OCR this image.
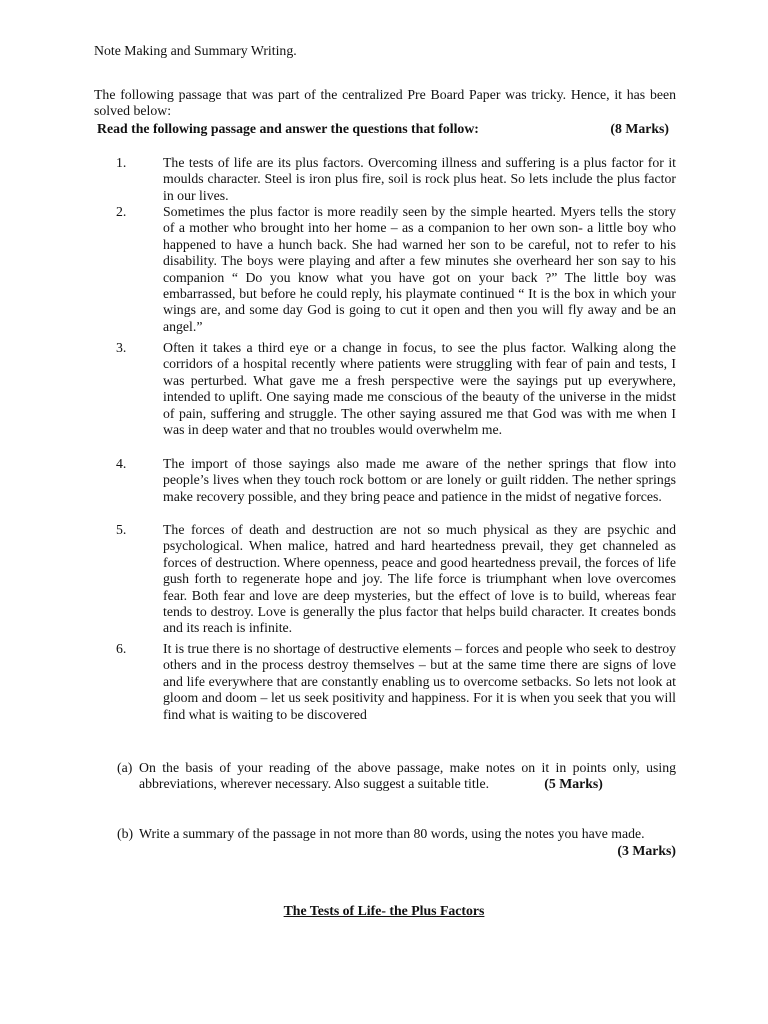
Note Making and Summary Writing.
The following passage that was part of the centralized Pre Board Paper was tricky. Hence, it has been solved below:
Read the following passage and answer the questions that follow:	(8 Marks)
1.	The tests of life are its plus factors. Overcoming illness and suffering is a plus factor for it moulds character. Steel is iron plus fire, soil is rock plus heat. So lets include the plus factor in our lives.
2.	Sometimes the plus factor is more readily seen by the simple hearted. Myers tells the story of a mother who brought into her home – as a companion to her own son- a little boy who happened to have a hunch back. She had warned her son to be careful, not to refer to his disability. The boys were playing and after a few minutes she overheard her son say to his companion “ Do you know what you have got on your back ?” The little boy was embarrassed, but before he could reply, his playmate continued “ It is the box in which your wings are, and some day God is going to cut it open and then you will fly away and be an angel.”
3.	Often it takes a third eye or a change in focus, to see the plus factor. Walking along the corridors of a hospital recently where patients were struggling with fear of pain and tests, I was perturbed. What gave me a fresh perspective were the sayings put up everywhere, intended to uplift. One saying made me conscious of the beauty of the universe in the midst of pain, suffering and struggle. The other saying assured me that God was with me when I was in deep water and that no troubles would overwhelm me.
4.	The import of those sayings also made me aware of the nether springs that flow into people’s lives when they touch rock bottom or are lonely or guilt ridden. The nether springs make recovery possible, and they bring peace and patience in the midst of negative forces.
5.	The forces of death and destruction are not so much physical as they are psychic and psychological. When malice, hatred and hard heartedness prevail, they get channeled as forces of destruction. Where openness, peace and good heartedness prevail, the forces of life gush forth to regenerate hope and joy. The life force is triumphant when love overcomes fear. Both fear and love are deep mysteries, but the effect of love is to build, whereas fear tends to destroy. Love is generally the plus factor that helps build character. It creates bonds and its reach is infinite.
6.	It is true there is no shortage of destructive elements – forces and people who seek to destroy others and in the process destroy themselves – but at the same time there are signs of love and life everywhere that are constantly enabling us to overcome setbacks. So lets not look at gloom and doom – let us seek positivity and happiness. For it is when you seek that you will find what is waiting to be discovered
(a) On the basis of your reading of the above passage, make notes on it in points only, using abbreviations, wherever necessary. Also suggest a suitable title.	(5 Marks)
(b) Write a summary of the passage in not more than 80 words, using the notes you have made.
(3 Marks)
The Tests of Life- the Plus Factors
